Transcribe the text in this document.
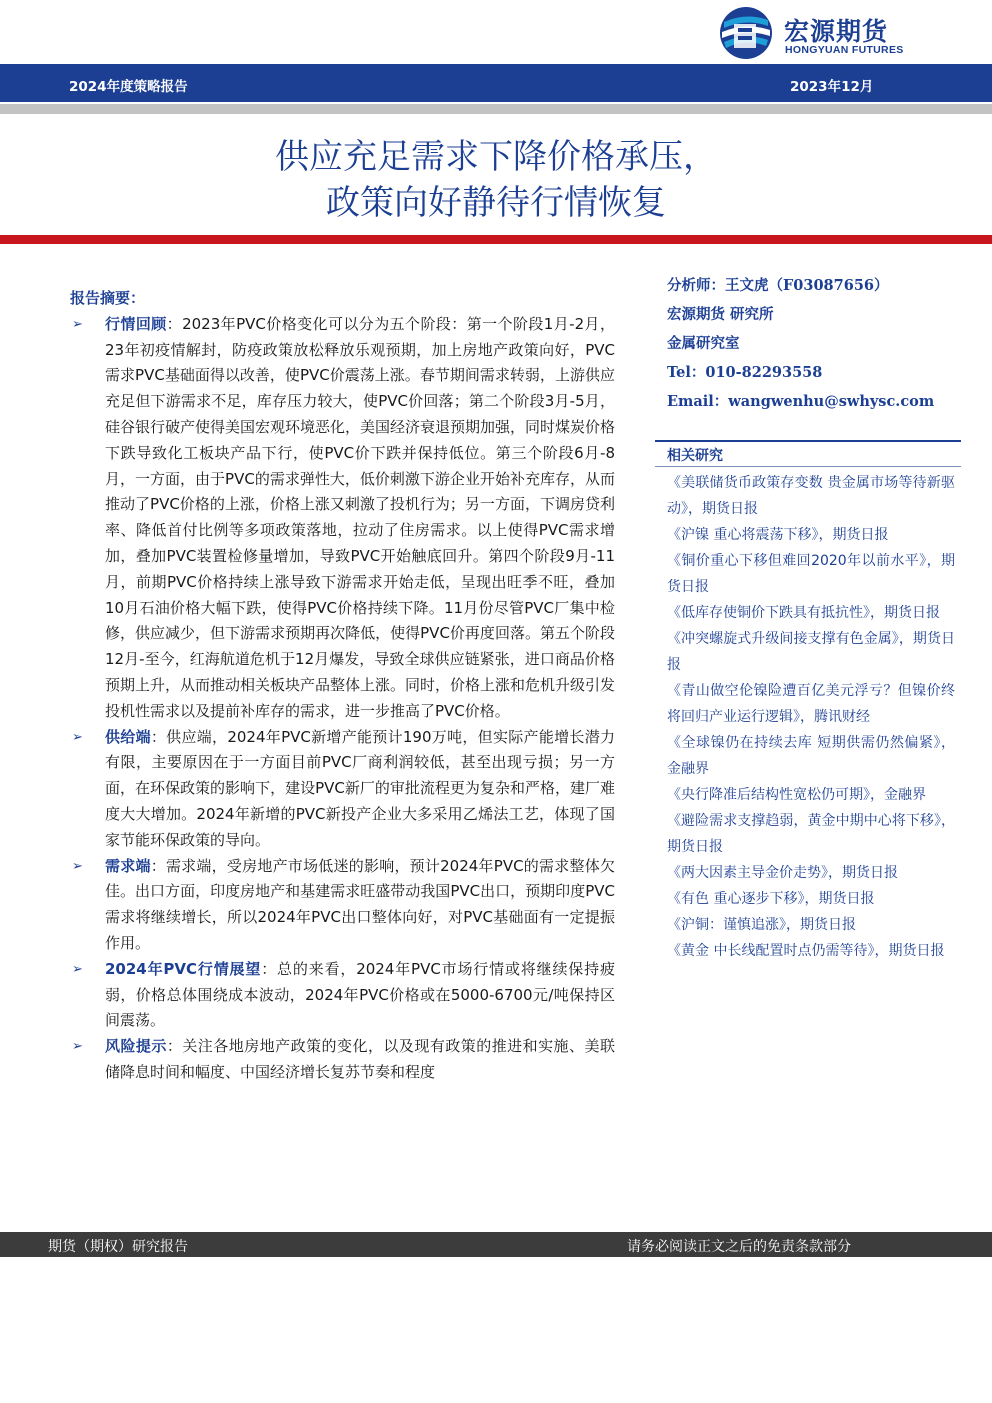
宏源期货
HONGYUAN FUTURES
2024年度策略报告	2023年12月
供应充足需求下降价格承压，
政策向好静待行情恢复
报告摘要：
➢ 行情回顾：2023年PVC价格变化可以分为五个阶段：第一个阶段1月-2月，23年初疫情解封，防疫政策放松释放乐观预期，加上房地产政策向好，PVC需求PVC基础面得以改善，使PVC价震荡上涨。春节期间需求转弱，上游供应充足但下游需求不足，库存压力较大，使PVC价回落；第二个阶段3月-5月，硅谷银行破产使得美国宏观环境恶化，美国经济衰退预期加强，同时煤炭价格下跌导致化工板块产品下行，使PVC价下跌并保持低位。第三个阶段6月-8月，一方面，由于PVC的需求弹性大，低价刺激下游企业开始补充库存，从而推动了PVC价格的上涨，价格上涨又刺激了投机行为；另一方面，下调房贷利率、降低首付比例等多项政策落地，拉动了住房需求。以上使得PVC需求增加，叠加PVC装置检修量增加，导致PVC开始触底回升。第四个阶段9月-11月，前期PVC价格持续上涨导致下游需求开始走低，呈现出旺季不旺，叠加10月石油价格大幅下跌，使得PVC价格持续下降。11月份尽管PVC厂集中检修，供应减少，但下游需求预期再次降低，使得PVC价再度回落。第五个阶段12月-至今，红海航道危机于12月爆发，导致全球供应链紧张，进口商品价格预期上升，从而推动相关板块产品整体上涨。同时，价格上涨和危机升级引发投机性需求以及提前补库存的需求，进一步推高了PVC价格。
➢ 供给端：供应端，2024年PVC新增产能预计190万吨，但实际产能增长潜力有限，主要原因在于一方面目前PVC厂商利润较低，甚至出现亏损；另一方面，在环保政策的影响下，建设PVC新厂的审批流程更为复杂和严格，建厂难度大大增加。2024年新增的PVC新投产企业大多采用乙烯法工艺，体现了国家节能环保政策的导向。
➢ 需求端：需求端，受房地产市场低迷的影响，预计2024年PVC的需求整体欠佳。出口方面，印度房地产和基建需求旺盛带动我国PVC出口，预期印度PVC需求将继续增长，所以2024年PVC出口整体向好，对PVC基础面有一定提振作用。
➢ 2024年PVC行情展望：总的来看，2024年PVC市场行情或将继续保持疲弱，价格总体围绕成本波动，2024年PVC价格或在5000-6700元/吨保持区间震荡。
➢ 风险提示：关注各地房地产政策的变化，以及现有政策的推进和实施、美联储降息时间和幅度、中国经济增长复苏节奏和程度
分析师：王文虎（F03087656）
宏源期货 研究所
金属研究室
Tel：010-82293558
Email：wangwenhu@swhysc.com
相关研究
《美联储货币政策存变数 贵金属市场等待新驱动》，期货日报
《沪镍 重心将震荡下移》，期货日报
《铜价重心下移但难回2020年以前水平》，期货日报
《低库存使铜价下跌具有抵抗性》，期货日报
《冲突螺旋式升级间接支撑有色金属》，期货日报
《青山做空伦镍险遭百亿美元浮亏？但镍价终将回归产业运行逻辑》，腾讯财经
《全球镍仍在持续去库 短期供需仍然偏紧》，金融界
《央行降准后结构性宽松仍可期》，金融界
《避险需求支撑趋弱，黄金中期中心将下移》，期货日报
《两大因素主导金价走势》，期货日报
《有色 重心逐步下移》，期货日报
《沪铜：谨慎追涨》，期货日报
《黄金 中长线配置时点仍需等待》，期货日报
期货（期权）研究报告	请务必阅读正文之后的免责条款部分
